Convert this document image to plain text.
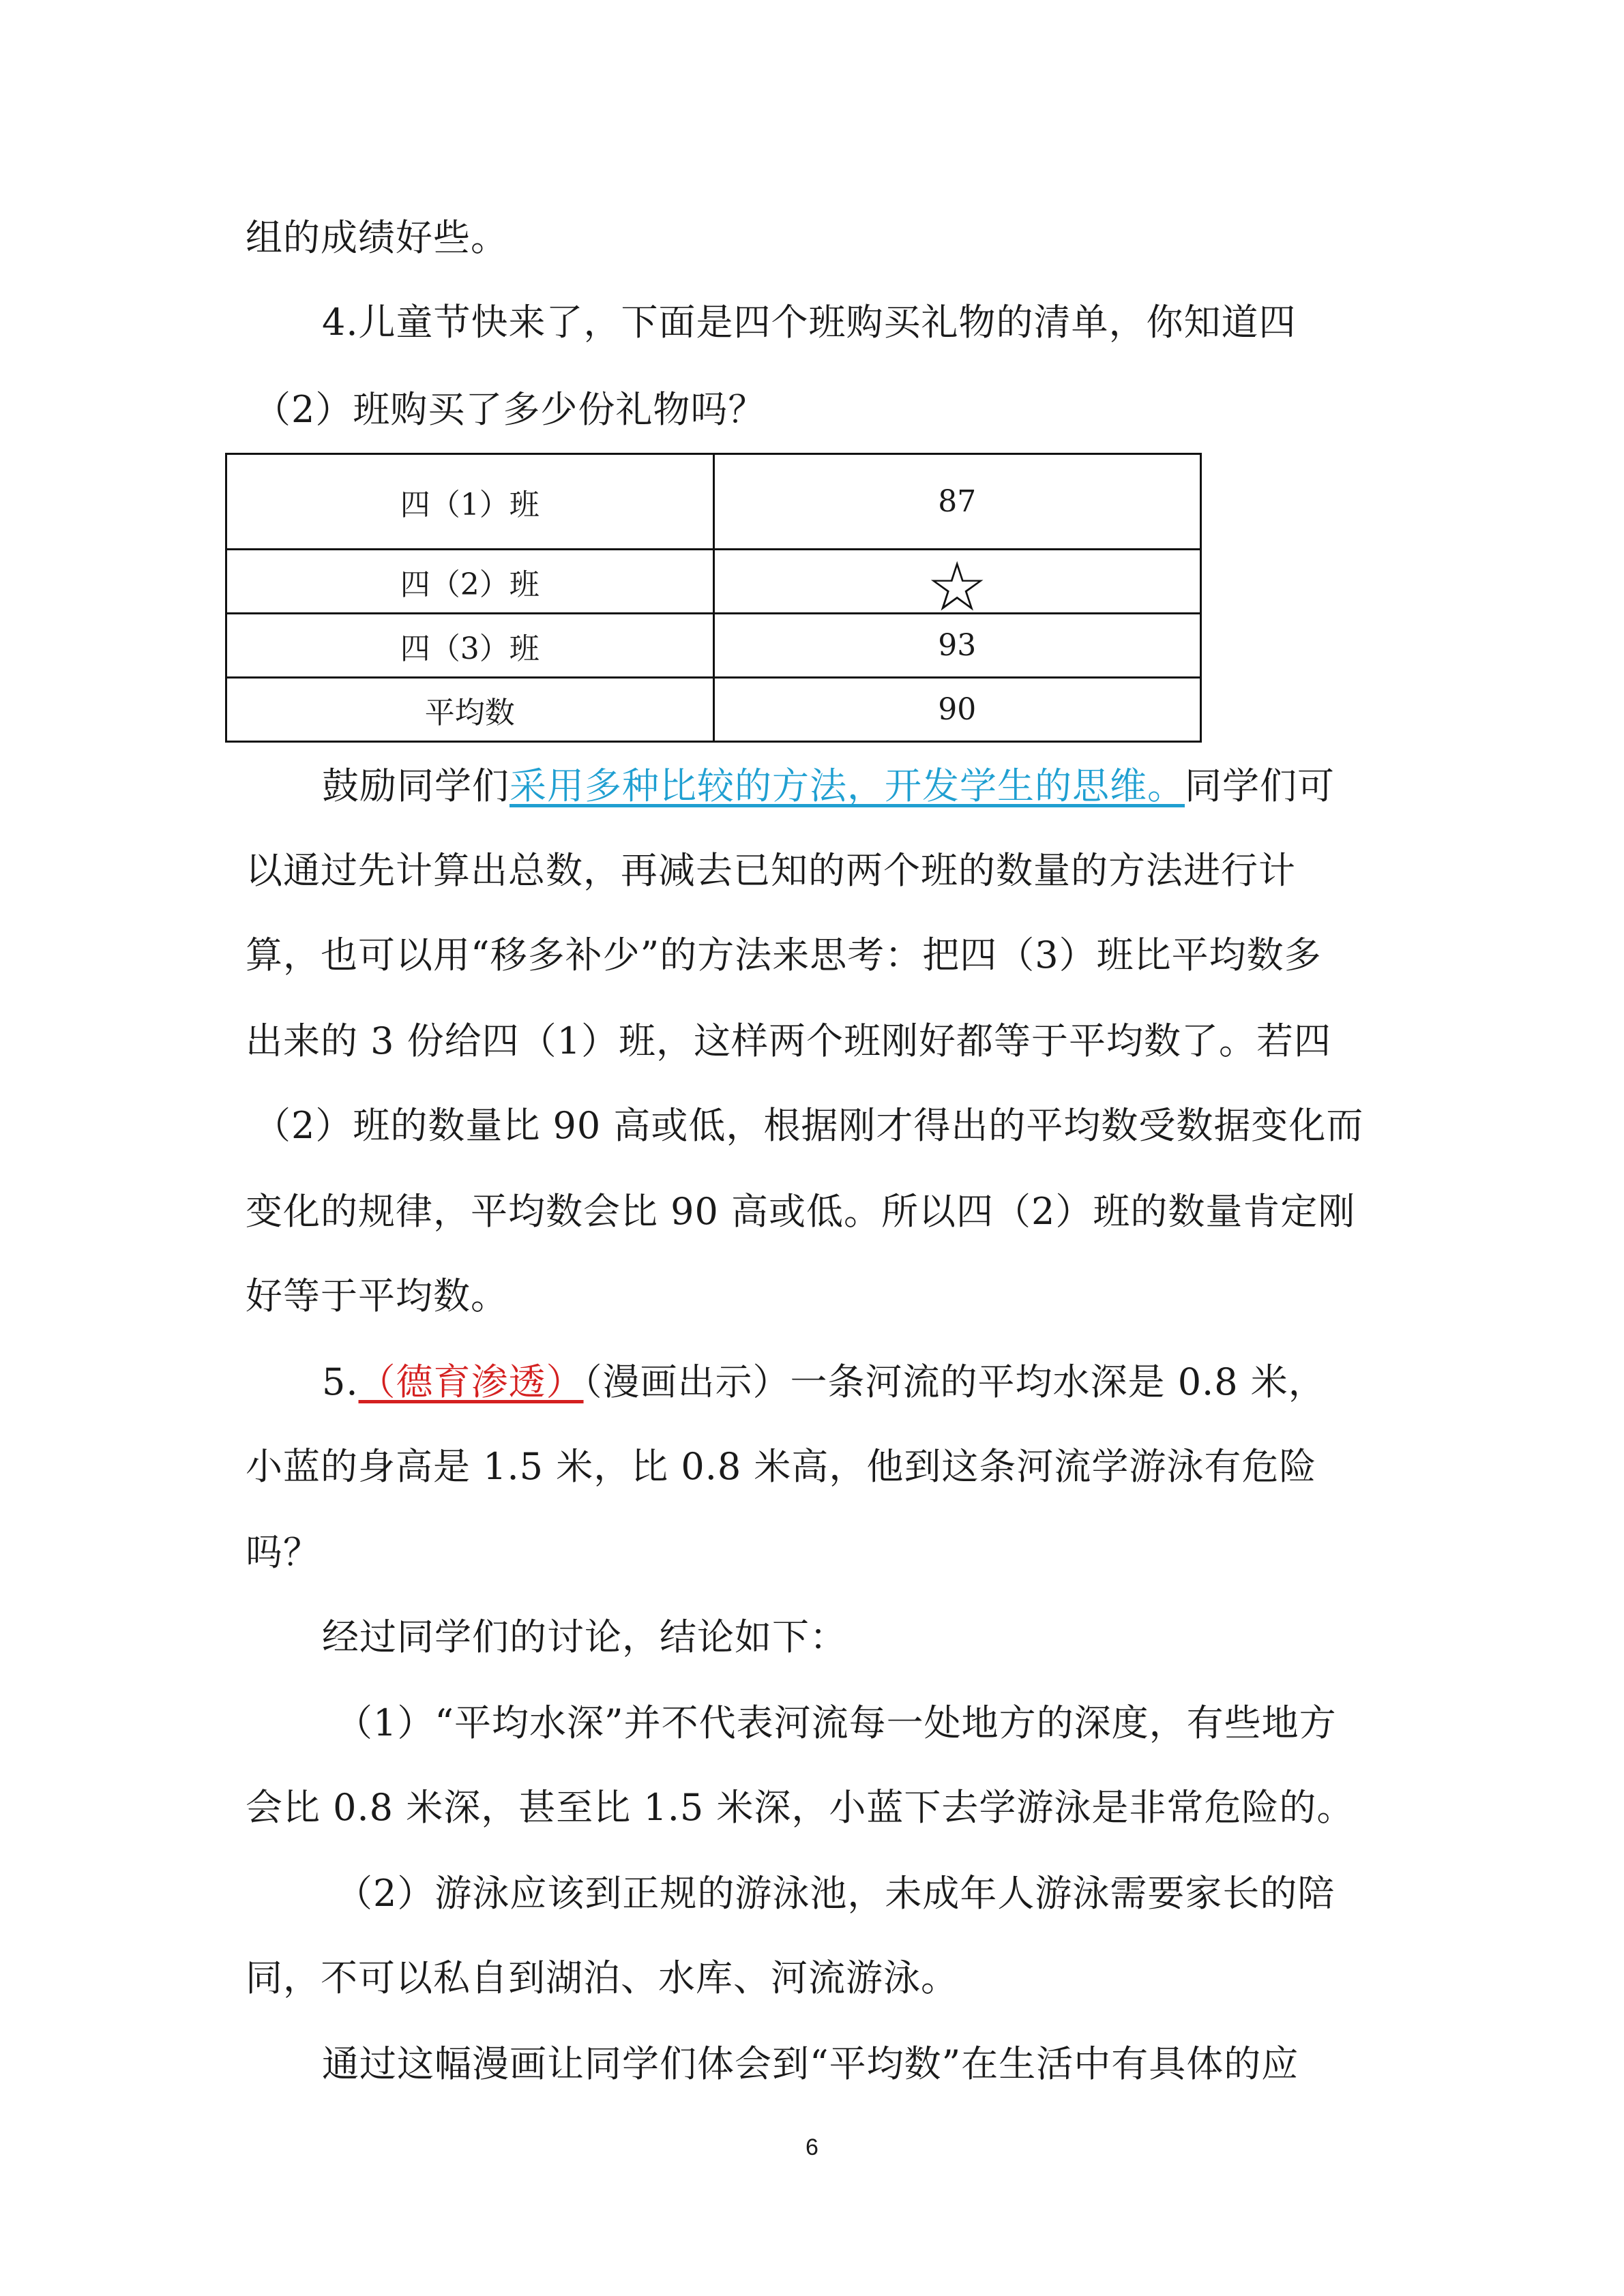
组的成绩好些。
4.儿童节快来了，下面是四个班购买礼物的清单，你知道四
（2）班购买了多少份礼物吗？
四（1）班	87
四（2）班	☆
四（3）班	93
平均数	90
鼓励同学们采用多种比较的方法，开发学生的思维。同学们可
以通过先计算出总数，再减去已知的两个班的数量的方法进行计
算，也可以用“移多补少”的方法来思考：把四（3）班比平均数多
出来的 3 份给四（1）班，这样两个班刚好都等于平均数了。若四
（2）班的数量比 90 高或低，根据刚才得出的平均数受数据变化而
变化的规律，平均数会比 90 高或低。所以四（2）班的数量肯定刚
好等于平均数。
5.（德育渗透）（漫画出示）一条河流的平均水深是 0.8 米，
小蓝的身高是 1.5 米，比 0.8 米高，他到这条河流学游泳有危险
吗？
经过同学们的讨论，结论如下：
（1）“平均水深”并不代表河流每一处地方的深度，有些地方
会比 0.8 米深，甚至比 1.5 米深，小蓝下去学游泳是非常危险的。
（2）游泳应该到正规的游泳池，未成年人游泳需要家长的陪
同，不可以私自到湖泊、水库、河流游泳。
通过这幅漫画让同学们体会到“平均数”在生活中有具体的应
6
